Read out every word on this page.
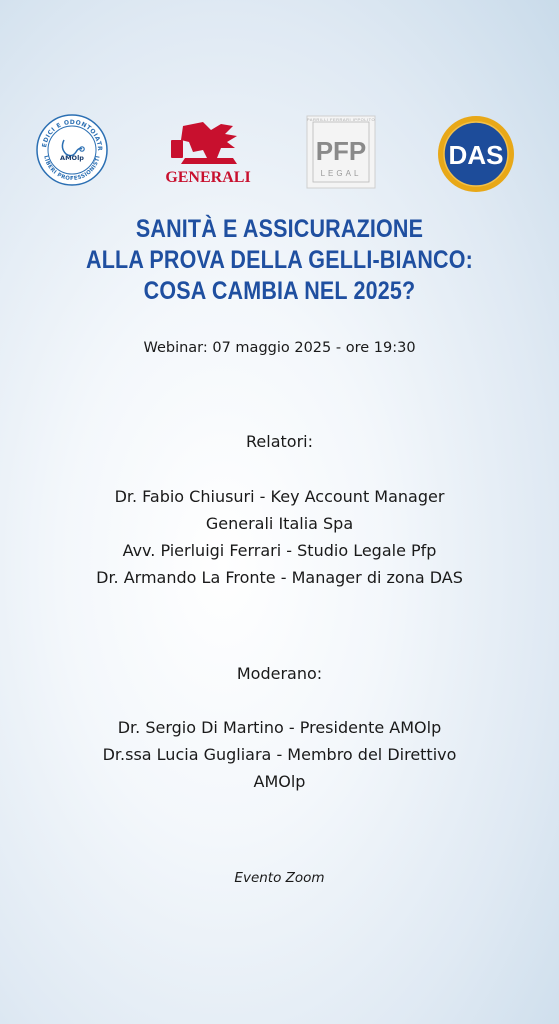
EDICI E ODONTOIATR
LIBERI PROFESSIONISTI
AMOlp
GENERALI
PFP
LEGAL
PARRILLI FERRARI IPPOLITO
DAS
SANITÀ E ASSICURAZIONE
ALLA PROVA DELLA GELLI-BIANCO:
COSA CAMBIA NEL 2025?
Webinar: 07 maggio 2025 - ore 19:30
Relatori:
Dr. Fabio Chiusuri - Key Account Manager
Generali Italia Spa
Avv. Pierluigi Ferrari - Studio Legale Pfp
Dr. Armando La Fronte - Manager di zona DAS
Moderano:
Dr. Sergio Di Martino - Presidente AMOlp
Dr.ssa Lucia Gugliara - Membro del Direttivo
AMOlp
Evento Zoom
